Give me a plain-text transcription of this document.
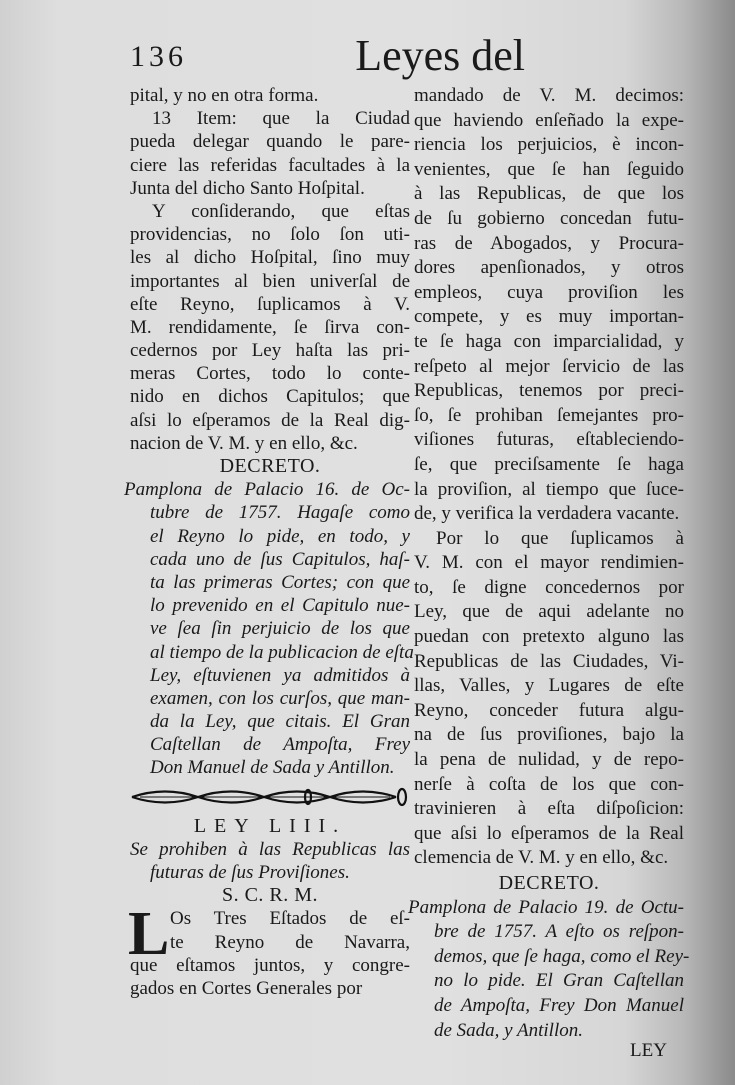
136	Leyes del
pital, y no en otra forma.
13 Item: que la Ciudad
pueda delegar quando le pare-
ciere las referidas facultades à la
Junta del dicho Santo Hoſpital.
Y conſiderando, que eſtas
providencias, no ſolo ſon uti-
les al dicho Hoſpital, ſino muy
importantes al bien univerſal de
eſte Reyno, ſuplicamos à V.
M. rendidamente, ſe ſirva con-
cedernos por Ley haſta las pri-
meras Cortes, todo lo conte-
nido en dichos Capitulos; que
aſsi lo eſperamos de la Real dig-
nacion de V. M. y en ello, &c.
DECRETO.
Pamplona de Palacio 16. de Oc-
tubre de 1757. Hagaſe como
el Reyno lo pide, en todo, y
cada uno de ſus Capitulos, haſ-
ta las primeras Cortes; con que
lo prevenido en el Capitulo nue-
ve ſea ſin perjuicio de los que
al tiempo de la publicacion de eſta
Ley, eſtuvienen ya admitidos à
examen, con los curſos, que man-
da la Ley, que citais. El Gran
Caſtellan de Ampoſta, Frey
Don Manuel de Sada y Antillon.
LEY LIII.
Se prohiben à las Republicas las
futuras de ſus Proviſiones.
S. C. R. M.
L Os Tres Eſtados de eſ-
te Reyno de Navarra,
que eſtamos juntos, y congre-
gados en Cortes Generales por
mandado de V. M. decimos:
que haviendo enſeñado la expe-
riencia los perjuicios, è incon-
venientes, que ſe han ſeguido
à las Republicas, de que los
de ſu gobierno concedan futu-
ras de Abogados, y Procura-
dores apenſionados, y otros
empleos, cuya proviſion les
compete, y es muy importan-
te ſe haga con imparcialidad, y
reſpeto al mejor ſervicio de las
Republicas, tenemos por preci-
ſo, ſe prohiban ſemejantes pro-
viſiones futuras, eſtableciendo-
ſe, que preciſsamente ſe haga
la proviſion, al tiempo que ſuce-
de, y verifica la verdadera vacante.
Por lo que ſuplicamos à
V. M. con el mayor rendimien-
to, ſe digne concedernos por
Ley, que de aqui adelante no
puedan con pretexto alguno las
Republicas de las Ciudades, Vi-
llas, Valles, y Lugares de eſte
Reyno, conceder futura algu-
na de ſus proviſiones, bajo la
la pena de nulidad, y de repo-
nerſe à coſta de los que con-
travinieren à eſta diſpoſicion:
que aſsi lo eſperamos de la Real
clemencia de V. M. y en ello, &c.
DECRETO.
Pamplona de Palacio 19. de Octu-
bre de 1757. A eſto os reſpon-
demos, que ſe haga, como el Rey-
no lo pide. El Gran Caſtellan
de Ampoſta, Frey Don Manuel
de Sada, y Antillon.
LEY
